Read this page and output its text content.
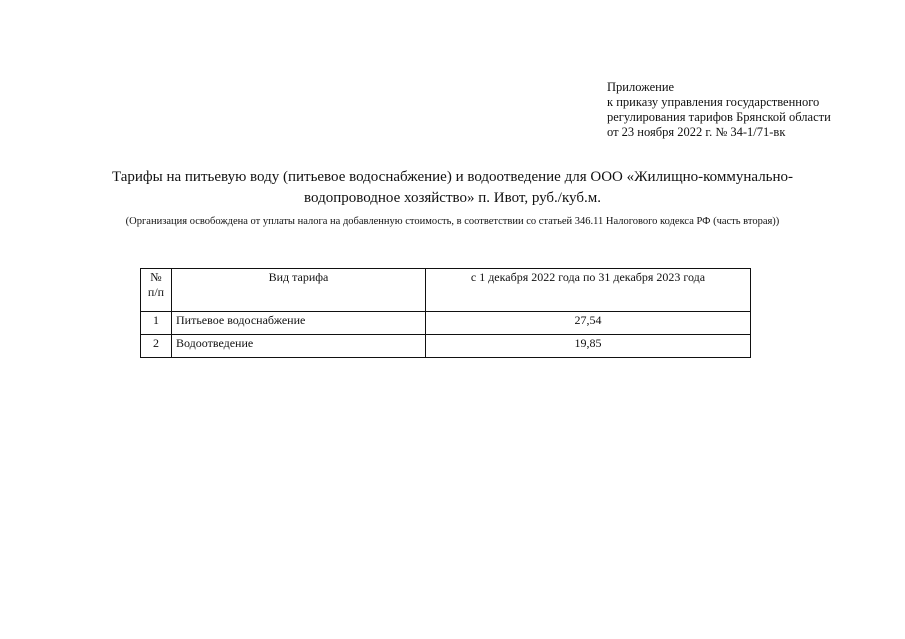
Приложение
к приказу управления государственного
регулирования тарифов Брянской области
от 23 ноября 2022 г. № 34-1/71-вк
Тарифы на питьевую воду (питьевое водоснабжение) и водоотведение для ООО «Жилищно-коммунально-
водопроводное хозяйство» п. Ивот, руб./куб.м.
(Организация освобождена от уплаты налога на добавленную стоимость, в соответствии со статьей 346.11 Налогового кодекса РФ (часть вторая))
№
п/п	Вид тарифа	с 1 декабря 2022 года по 31 декабря 2023 года
1	Питьевое водоснабжение	27,54
2	Водоотведение	19,85
